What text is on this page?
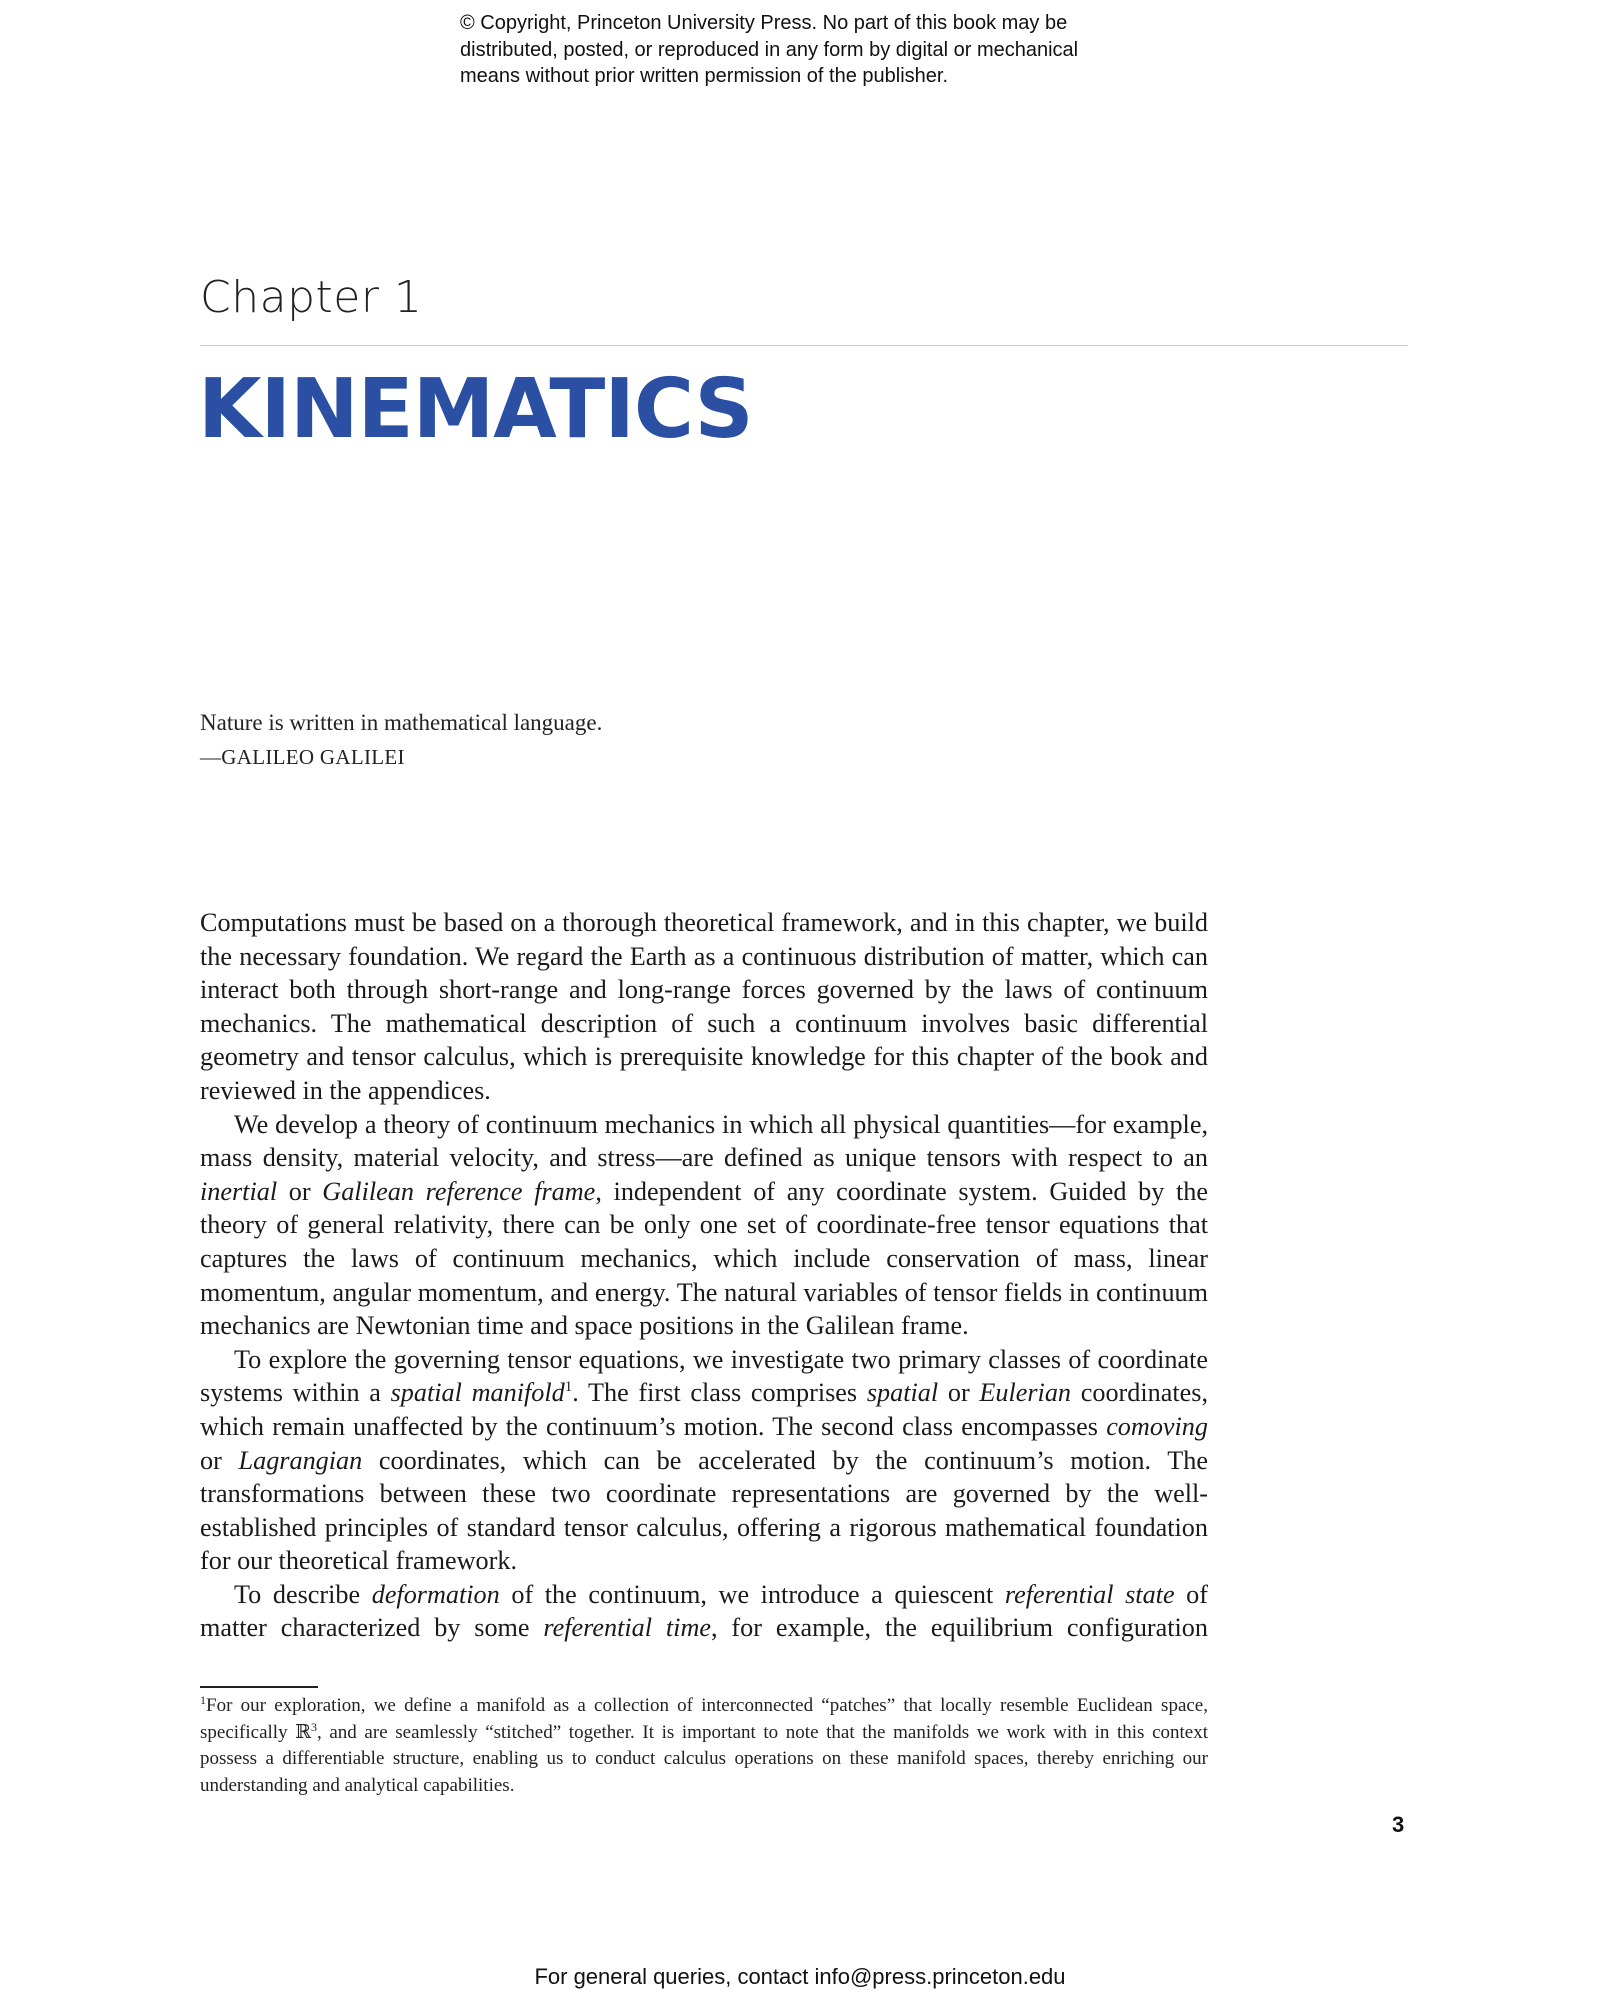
© Copyright, Princeton University Press. No part of this book may be
distributed, posted, or reproduced in any form by digital or mechanical
means without prior written permission of the publisher.
Chapter 1
KINEMATICS
Nature is written in mathematical language.
—GALILEO GALILEI

Computations must be based on a thorough theoretical framework, and in this chapter, we build the necessary foundation. We regard the Earth as a continuous distribution of matter, which can interact both through short-range and long-range forces governed by the laws of continuum mechanics. The mathematical description of such a continuum involves basic differential geometry and tensor calculus, which is prerequisite knowledge for this chapter of the book and reviewed in the appendices.

We develop a theory of continuum mechanics in which all physical quantities—for example, mass density, material velocity, and stress—are defined as unique tensors with respect to an inertial or Galilean reference frame, independent of any coordinate system. Guided by the theory of general relativity, there can be only one set of coordinate-free tensor equations that captures the laws of continuum mechanics, which include conservation of mass, linear momentum, angular momentum, and energy. The natural variables of tensor fields in continuum mechanics are Newtonian time and space positions in the Galilean frame.

To explore the governing tensor equations, we investigate two primary classes of coordinate systems within a spatial manifold$^1$. The first class comprises spatial or Eulerian coordinates, which remain unaffected by the continuum’s motion. The second class encompasses comoving or Lagrangian coordinates, which can be accelerated by the continuum’s motion. The transformations between these two coordinate representations are governed by the well-established principles of standard tensor calculus, offering a rigorous mathematical foundation for our theoretical framework.

To describe deformation of the continuum, we introduce a quiescent referential state of matter characterized by some referential time, for example, the equilibrium configuration

$^1$For our exploration, we define a manifold as a collection of interconnected “patches” that locally resemble Euclidean space, specifically ℝ$^3$, and are seamlessly “stitched” together. It is important to note that the manifolds we work with in this context possess a differentiable structure, enabling us to conduct calculus operations on these manifold spaces, thereby enriching our understanding and analytical capabilities.
3
For general queries, contact info@press.princeton.edu
